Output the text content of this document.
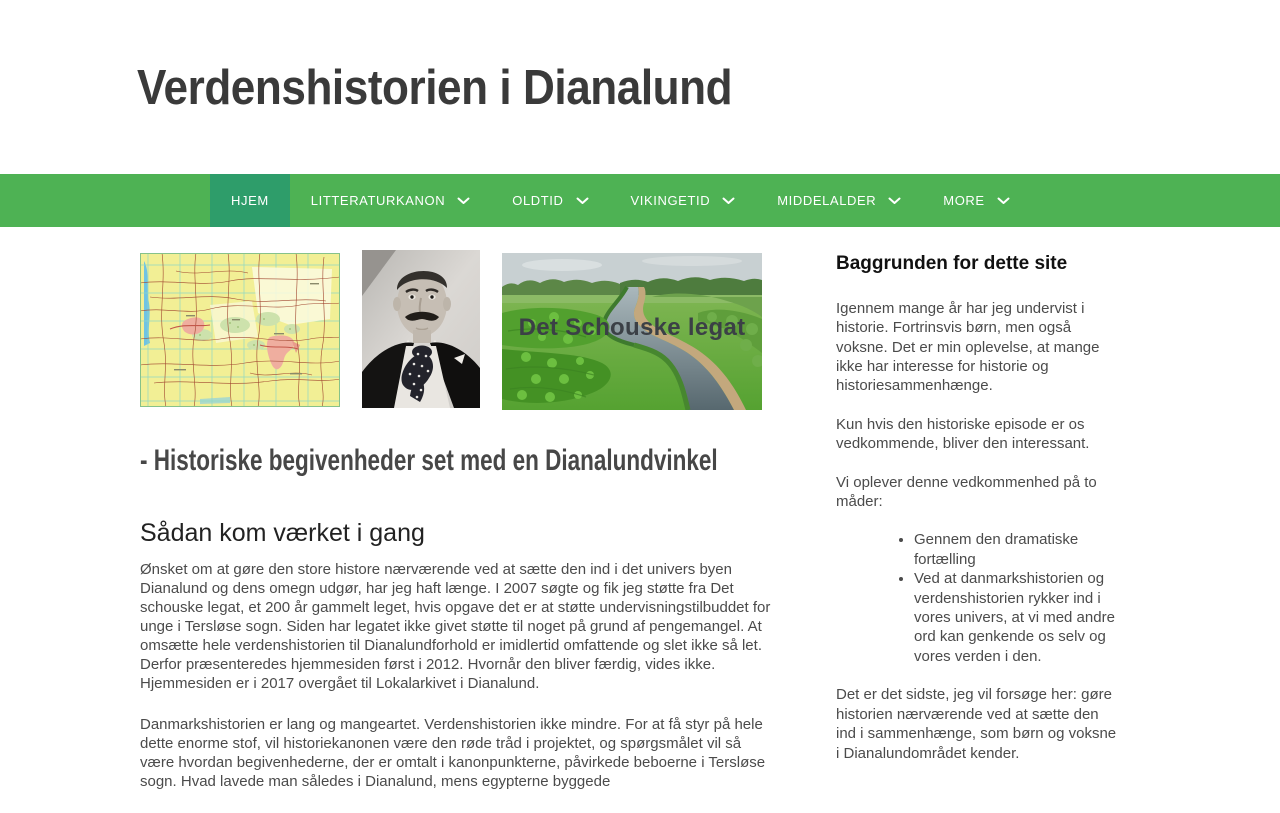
Verdenshistorien i Dianalund
HJEM	LITTERATURKANON	OLDTID	VIKINGETID	MIDDELALDER	MORE
Det Schouske legat
- Historiske begivenheder set med en Dianalundvinkel
Sådan kom værket i gang

Ønsket om at gøre den store histore nærværende ved at sætte den ind i det univers byen Dianalund og dens omegn udgør, har jeg haft længe. I 2007 søgte og fik jeg støtte fra Det schouske legat, et 200 år gammelt leget, hvis opgave det er at støtte undervisningstilbuddet for unge i Tersløse sogn. Siden har legatet ikke givet støtte til noget på grund af pengemangel. At omsætte hele verdenshistorien til Dianalundforhold er imidlertid omfattende og slet ikke så let. Derfor præsenteredes hjemmesiden først i 2012. Hvornår den bliver færdig, vides ikke. Hjemmesiden er i 2017 overgået til Lokalarkivet i Dianalund.

Danmarkshistorien er lang og mangeartet. Verdenshistorien ikke mindre. For at få styr på hele dette enorme stof, vil historiekanonen være den røde tråd i projektet, og spørgsmålet vil så være hvordan begivenhederne, der er omtalt i kanonpunkterne, påvirkede beboerne i Tersløse sogn. Hvad lavede man således i Dianalund, mens egypterne byggede

Baggrunden for dette site

Igennem mange år har jeg undervist i historie. Fortrinsvis børn, men også voksne. Det er min oplevelse, at mange ikke har interesse for historie og historiesammenhænge.

Kun hvis den historiske episode er os vedkommende, bliver den interessant.

Vi oplever denne vedkommenhed på to måder:

• Gennem den dramatiske fortælling
• Ved at danmarkshistorien og verdenshistorien rykker ind i vores univers, at vi med andre ord kan genkende os selv og vores verden i den.

Det er det sidste, jeg vil forsøge her: gøre historien nærværende ved at sætte den ind i sammenhænge, som børn og voksne i Dianalundområdet kender.
